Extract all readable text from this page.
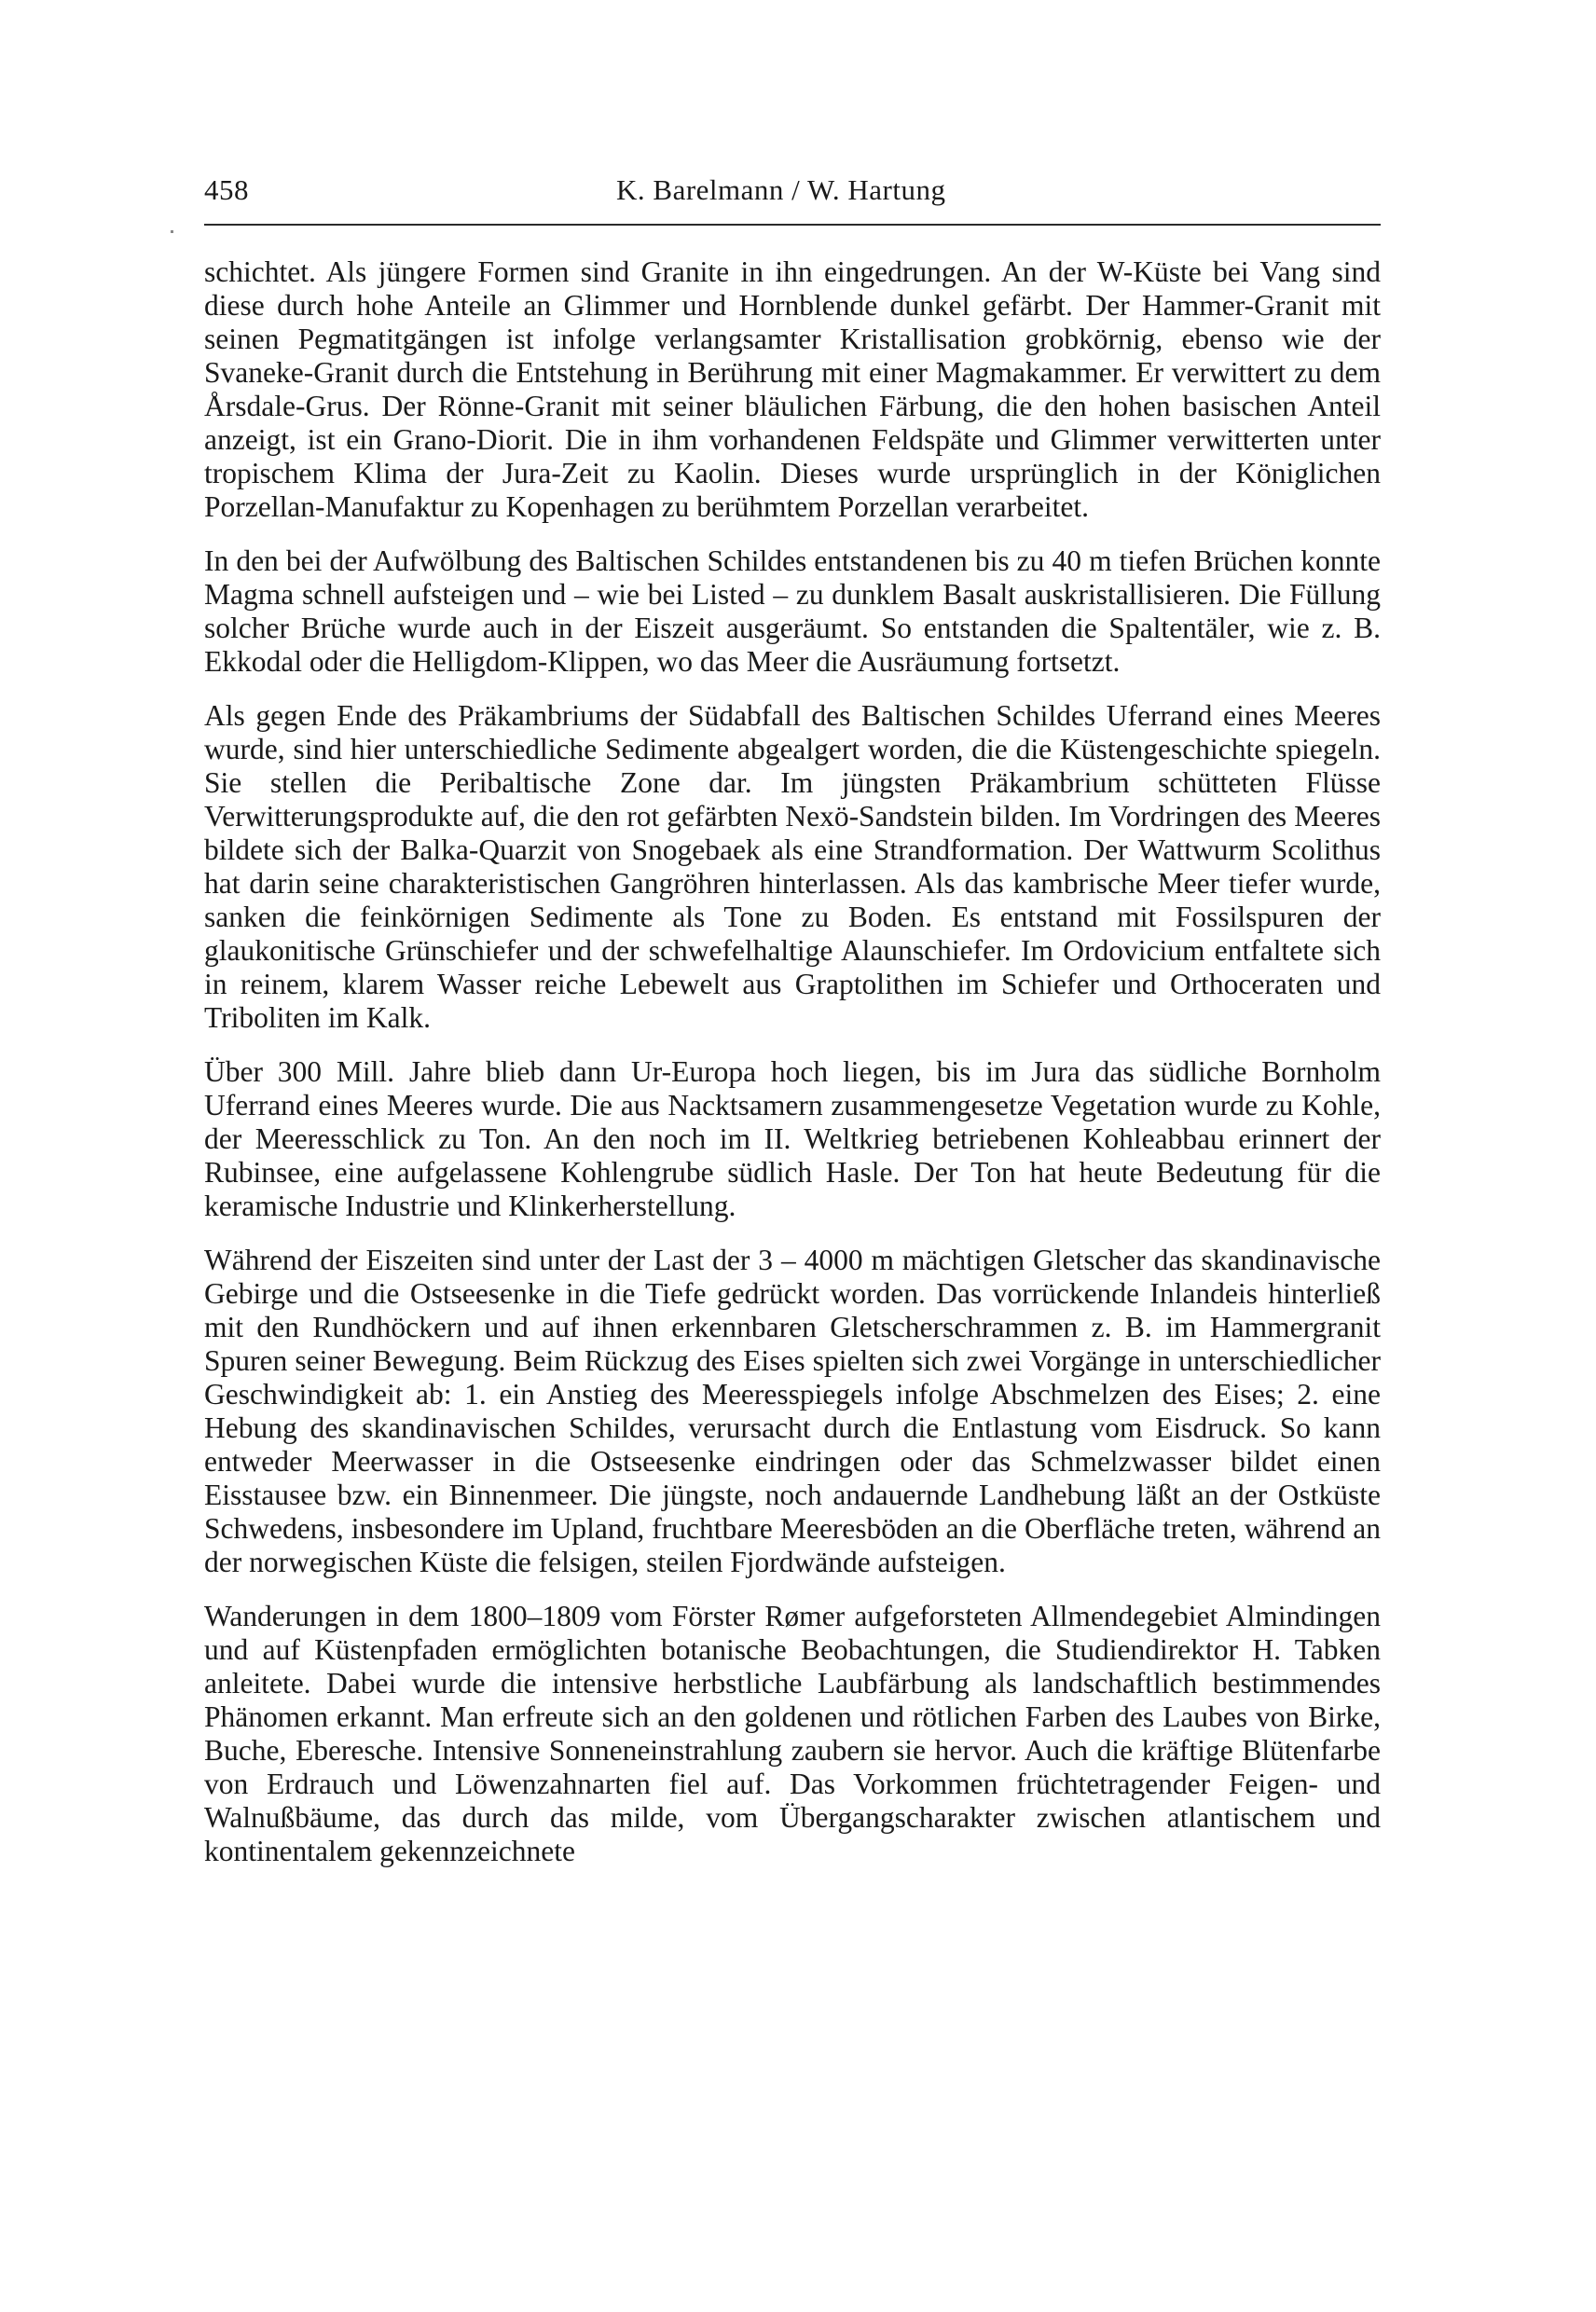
458	K. Barelmann / W. Hartung

schichtet. Als jüngere Formen sind Granite in ihn eingedrungen. An der W-Küste bei Vang sind diese durch hohe Anteile an Glimmer und Hornblende dunkel gefärbt. Der Hammer-Granit mit seinen Pegmatitgängen ist infolge verlangsamter Kristallisation grobkörnig, ebenso wie der Svaneke-Granit durch die Entstehung in Berührung mit einer Magmakammer. Er verwittert zu dem Årsdale-Grus. Der Rönne-Granit mit seiner bläulichen Färbung, die den hohen basischen Anteil anzeigt, ist ein Grano-Diorit. Die in ihm vorhandenen Feldspäte und Glimmer verwitterten unter tropischem Klima der Jura-Zeit zu Kaolin. Dieses wurde ursprünglich in der Königlichen Porzellan-Manufaktur zu Kopenhagen zu berühmtem Porzellan verarbeitet.

In den bei der Aufwölbung des Baltischen Schildes entstandenen bis zu 40 m tiefen Brüchen konnte Magma schnell aufsteigen und – wie bei Listed – zu dunklem Basalt auskristallisieren. Die Füllung solcher Brüche wurde auch in der Eiszeit ausgeräumt. So entstanden die Spaltentäler, wie z. B. Ekkodal oder die Helligdom-Klippen, wo das Meer die Ausräumung fortsetzt.

Als gegen Ende des Präkambriums der Südabfall des Baltischen Schildes Uferrand eines Meeres wurde, sind hier unterschiedliche Sedimente abgealgert worden, die die Küstengeschichte spiegeln. Sie stellen die Peribaltische Zone dar. Im jüngsten Präkambrium schütteten Flüsse Verwitterungsprodukte auf, die den rot gefärbten Nexö-Sandstein bilden. Im Vordringen des Meeres bildete sich der Balka-Quarzit von Snogebaek als eine Strandformation. Der Wattwurm Scolithus hat darin seine charakteristischen Gangröhren hinterlassen. Als das kambrische Meer tiefer wurde, sanken die feinkörnigen Sedimente als Tone zu Boden. Es entstand mit Fossilspuren der glaukonitische Grünschiefer und der schwefelhaltige Alaunschiefer. Im Ordovicium entfaltete sich in reinem, klarem Wasser reiche Lebewelt aus Graptolithen im Schiefer und Orthoceraten und Triboliten im Kalk.

Über 300 Mill. Jahre blieb dann Ur-Europa hoch liegen, bis im Jura das südliche Bornholm Uferrand eines Meeres wurde. Die aus Nacktsamern zusammengesetze Vegetation wurde zu Kohle, der Meeresschlick zu Ton. An den noch im II. Weltkrieg betriebenen Kohleabbau erinnert der Rubinsee, eine aufgelassene Kohlengrube südlich Hasle. Der Ton hat heute Bedeutung für die keramische Industrie und Klinkerherstellung.

Während der Eiszeiten sind unter der Last der 3 – 4000 m mächtigen Gletscher das skandinavische Gebirge und die Ostseesenke in die Tiefe gedrückt worden. Das vorrückende Inlandeis hinterließ mit den Rundhöckern und auf ihnen erkennbaren Gletscherschrammen z. B. im Hammergranit Spuren seiner Bewegung. Beim Rückzug des Eises spielten sich zwei Vorgänge in unterschiedlicher Geschwindigkeit ab: 1. ein Anstieg des Meeresspiegels infolge Abschmelzen des Eises; 2. eine Hebung des skandinavischen Schildes, verursacht durch die Entlastung vom Eisdruck. So kann entweder Meerwasser in die Ostseesenke eindringen oder das Schmelzwasser bildet einen Eisstausee bzw. ein Binnenmeer. Die jüngste, noch andauernde Landhebung läßt an der Ostküste Schwedens, insbesondere im Upland, fruchtbare Meeresböden an die Oberfläche treten, während an der norwegischen Küste die felsigen, steilen Fjordwände aufsteigen.

Wanderungen in dem 1800–1809 vom Förster Rømer aufgeforsteten Allmendegebiet Almindingen und auf Küstenpfaden ermöglichten botanische Beobachtungen, die Studiendirektor H. Tabken anleitete. Dabei wurde die intensive herbstliche Laubfärbung als landschaftlich bestimmendes Phänomen erkannt. Man erfreute sich an den goldenen und rötlichen Farben des Laubes von Birke, Buche, Eberesche. Intensive Sonneneinstrahlung zaubern sie hervor. Auch die kräftige Blütenfarbe von Erdrauch und Löwenzahnarten fiel auf. Das Vorkommen früchtetragender Feigen- und Walnußbäume, das durch das milde, vom Übergangscharakter zwischen atlantischem und kontinentalem gekennzeichnete
